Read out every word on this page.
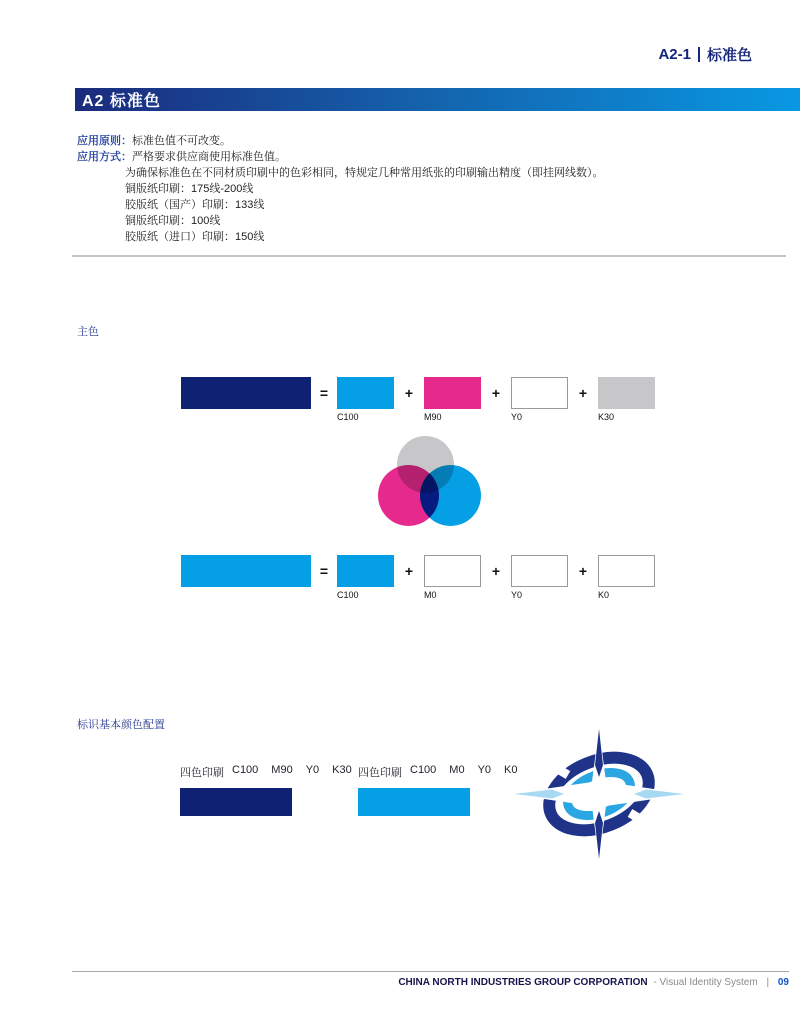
A2-1 标准色
A2 标准色
应用原则：标准色值不可改变。
应用方式：严格要求供应商使用标准色值。
为确保标准色在不同材质印刷中的色彩相同，特规定几种常用纸张的印刷输出精度（即挂网线数）。
铜版纸印刷：175线-200线
胶版纸（国产）印刷：133线
铜版纸印刷：100线
胶版纸（进口）印刷：150线
主色
=
C100
+
M90
+
Y0
+
K30
=
C100
+
M0
+
Y0
+
K0
标识基本颜色配置
四色印刷 C100 M90 Y0 K30 四色印刷 C100 M0 Y0 K0
CHINA NORTH INDUSTRIES GROUP CORPORATION - Visual Identity System | 09
